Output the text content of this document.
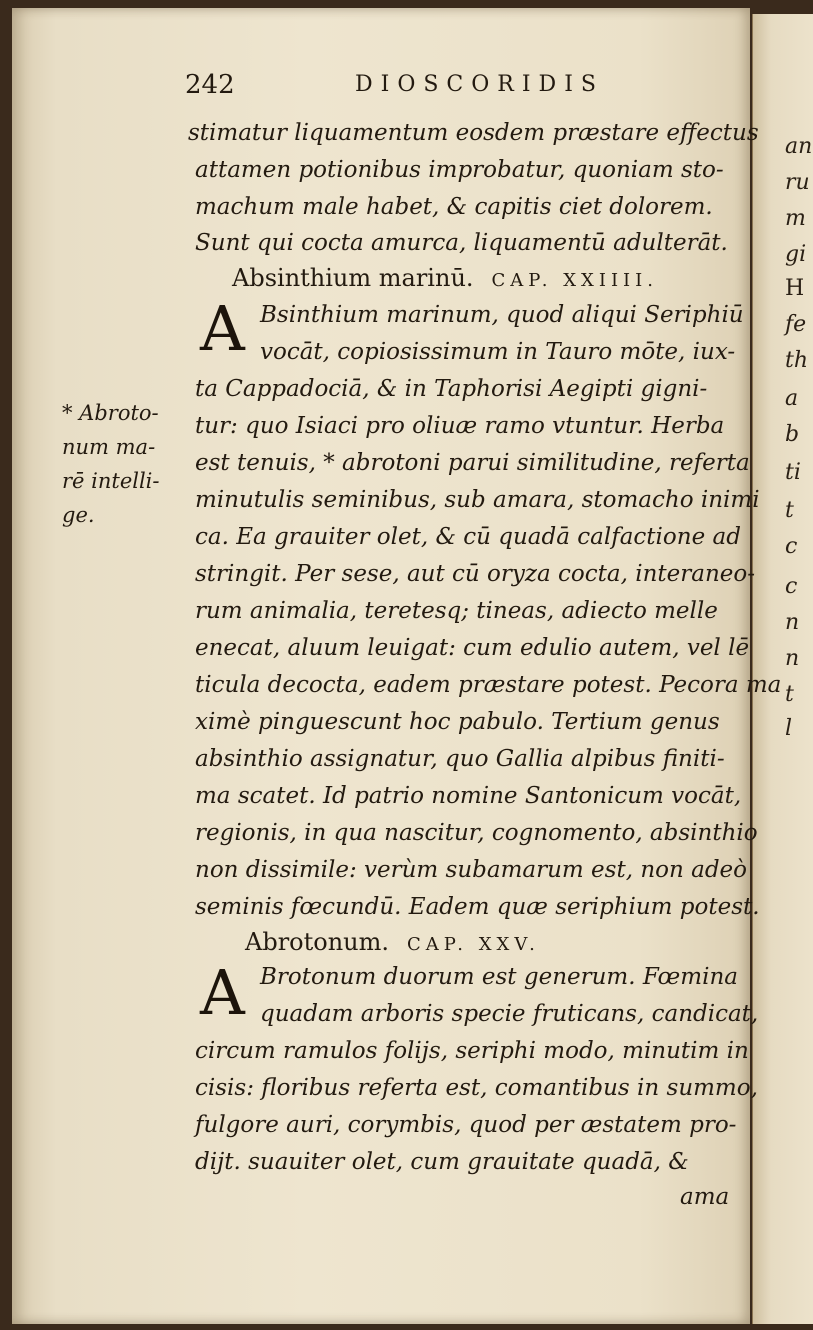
an
ru
m
gi
H
fe
th
a
b
ti
t
c
c
n
n
t
l
242	DIOSCORIDIS
stimatur liquamentum eosdem præstare effectus
attamen potionibus improbatur, quoniam sto-
machum male habet, & capitis ciet dolorem.
Sunt qui cocta amurca, liquamentū adulterāt.
Absinthium marinū. CAP. XXIIII.
A Bsinthium marinum, quod aliqui Seriphiū
vocāt, copiosissimum in Tauro mōte, iux-
ta Cappadociā, & in Taphorisi Aegipti gigni-
tur: quo Isiaci pro oliuæ ramo vtuntur. Herba
est tenuis, * abrotoni parui similitudine, referta
minutulis seminibus, sub amara, stomacho inimi
ca. Ea grauiter olet, & cū quadā calfactione ad
stringit. Per sese, aut cū oryza cocta, interaneo-
rum animalia, teretesq; tineas, adiecto melle
enecat, aluum leuigat: cum edulio autem, vel lē
ticula decocta, eadem præstare potest. Pecora ma
ximè pinguescunt hoc pabulo. Tertium genus
absinthio assignatur, quo Gallia alpibus finiti-
ma scatet. Id patrio nomine Santonicum vocāt,
regionis, in qua nascitur, cognomento, absinthio
non dissimile: verùm subamarum est, non adeò
seminis fœcundū. Eadem quæ seriphium potest.
* Abroto-
num ma-
rē intelli-
ge.
Abrotonum. CAP. XXV.
A Brotonum duorum est generum. Fœmina
quadam arboris specie fruticans, candicat,
circum ramulos folijs, seriphi modo, minutim in
cisis: floribus referta est, comantibus in summo,
fulgore auri, corymbis, quod per æstatem pro-
dijt. suauiter olet, cum grauitate quadā, &
ama
